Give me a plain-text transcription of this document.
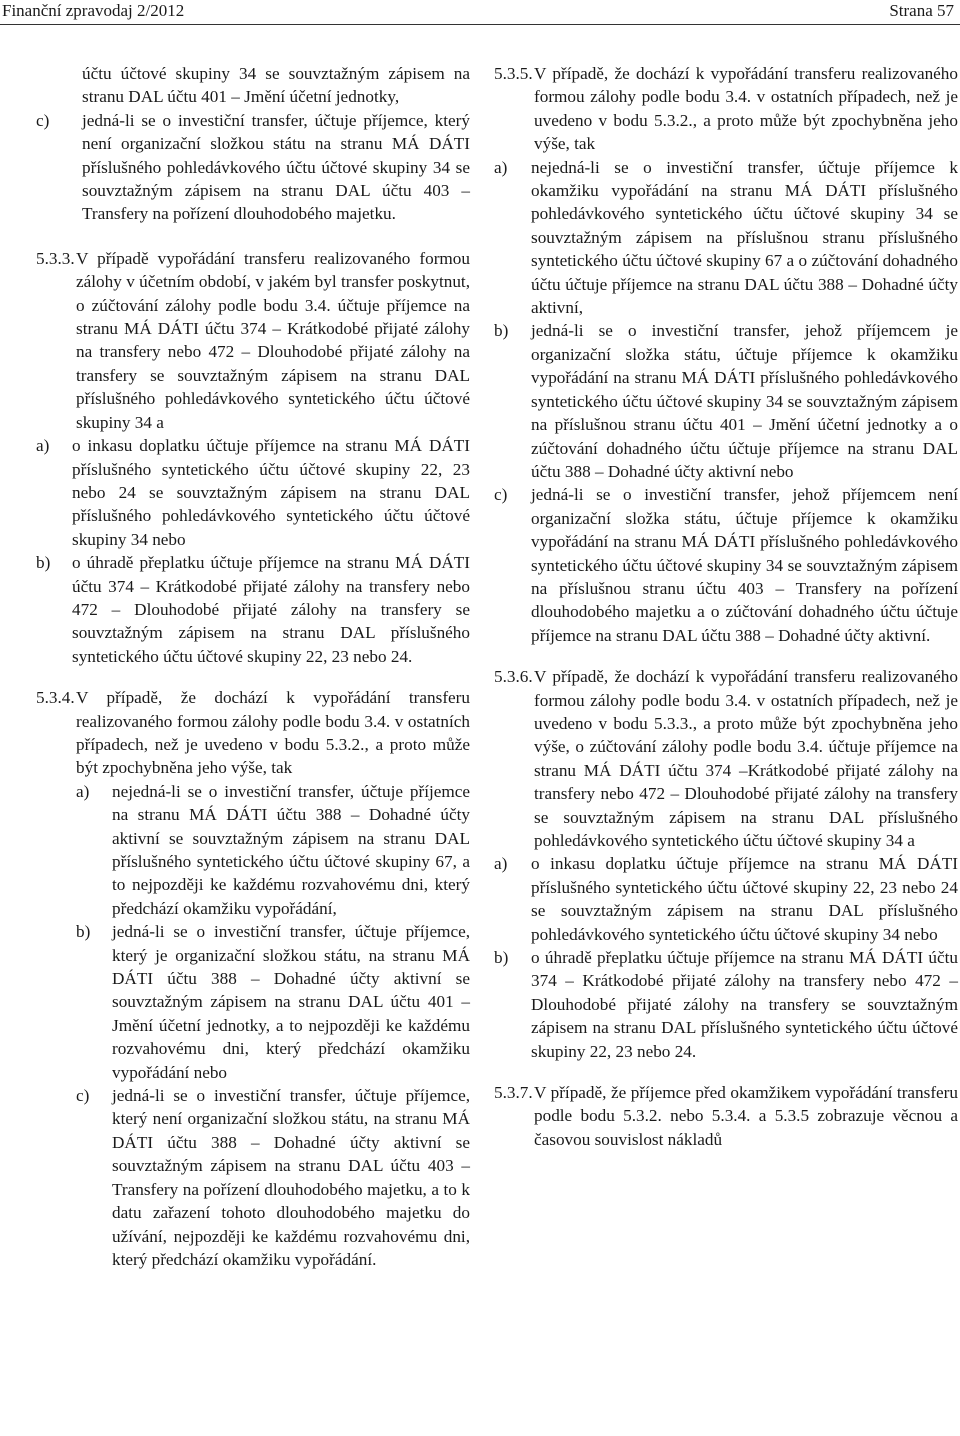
Finanční zpravodaj 2/2012	Strana 57
účtu účtové skupiny 34 se souvztažným zápisem na stranu DAL účtu 401 – Jmění účetní jednotky,
c)	jedná-li se o investiční transfer, účtuje příjemce, který není organizační složkou státu na stranu MÁ DÁTI příslušného pohledávkového účtu účtové skupiny 34 se souvztažným zápisem na stranu DAL účtu 403 – Transfery na pořízení dlouhodobého majetku.
5.3.3. V případě vypořádání transferu realizovaného formou zálohy v účetním období, v jakém byl transfer poskytnut, o zúčtování zálohy podle bodu 3.4. účtuje příjemce na stranu MÁ DÁTI účtu 374 – Krátkodobé přijaté zálohy na transfery nebo 472 – Dlouhodobé přijaté zálohy na transfery se souvztažným zápisem na stranu DAL příslušného pohledávkového syntetického účtu účtové skupiny 34 a
a)	o inkasu doplatku účtuje příjemce na stranu MÁ DÁTI příslušného syntetického účtu účtové skupiny 22, 23 nebo 24 se souvztažným zápisem na stranu DAL příslušného pohledávkového syntetického účtu účtové skupiny 34 nebo
b)	o úhradě přeplatku účtuje příjemce na stranu MÁ DÁTI účtu 374 – Krátkodobé přijaté zálohy na transfery nebo 472 – Dlouhodobé přijaté zálohy na transfery se souvztažným zápisem na stranu DAL příslušného syntetického účtu účtové skupiny 22, 23 nebo 24.
5.3.4. V případě, že dochází k vypořádání transferu realizovaného formou zálohy podle bodu 3.4. v ostatních případech, než je uvedeno v bodu 5.3.2., a proto může být zpochybněna jeho výše, tak
a)	nejedná-li se o investiční transfer, účtuje příjemce na stranu MÁ DÁTI účtu 388 – Dohadné účty aktivní se souvztažným zápisem na stranu DAL příslušného syntetického účtu účtové skupiny 67, a to nejpozději ke každému rozvahovému dni, který předchází okamžiku vypořádání,
b)	jedná-li se o investiční transfer, účtuje příjemce, který je organizační složkou státu, na stranu MÁ DÁTI účtu 388 – Dohadné účty aktivní se souvztažným zápisem na stranu DAL účtu 401 – Jmění účetní jednotky, a to nejpozději ke každému rozvahovému dni, který předchází okamžiku vypořádání nebo
c)	jedná-li se o investiční transfer, účtuje příjemce, který není organizační složkou státu, na stranu MÁ DÁTI účtu 388 – Dohadné účty aktivní se souvztažným zápisem na stranu DAL účtu 403 – Transfery na pořízení dlouhodobého majetku, a to k datu zařazení tohoto dlouhodobého majetku do užívání, nejpozději ke každému rozvahovému dni, který předchází okamžiku vypořádání.
5.3.5. V případě, že dochází k vypořádání transferu realizovaného formou zálohy podle bodu 3.4. v ostatních případech, než je uvedeno v bodu 5.3.2., a proto může být zpochybněna jeho výše, tak
a)	nejedná-li se o investiční transfer, účtuje příjemce k okamžiku vypořádání na stranu MÁ DÁTI příslušného pohledávkového syntetického účtu účtové skupiny 34 se souvztažným zápisem na příslušnou stranu příslušného syntetického účtu účtové skupiny 67 a o zúčtování dohadného účtu účtuje příjemce na stranu DAL účtu 388 – Dohadné účty aktivní,
b)	jedná-li se o investiční transfer, jehož příjemcem je organizační složka státu, účtuje příjemce k okamžiku vypořádání na stranu MÁ DÁTI příslušného pohledávkového syntetického účtu účtové skupiny 34 se souvztažným zápisem na příslušnou stranu účtu 401 – Jmění účetní jednotky a o zúčtování dohadného účtu účtuje příjemce na stranu DAL účtu 388 – Dohadné účty aktivní nebo
c)	jedná-li se o investiční transfer, jehož příjemcem není organizační složka státu, účtuje příjemce k okamžiku vypořádání na stranu MÁ DÁTI příslušného pohledávkového syntetického účtu účtové skupiny 34 se souvztažným zápisem na příslušnou stranu účtu 403 – Transfery na pořízení dlouhodobého majetku a o zúčtování dohadného účtu účtuje příjemce na stranu DAL účtu 388 – Dohadné účty aktivní.
5.3.6. V případě, že dochází k vypořádání transferu realizovaného formou zálohy podle bodu 3.4. v ostatních případech, než je uvedeno v bodu 5.3.3., a proto může být zpochybněna jeho výše, o zúčtování zálohy podle bodu 3.4. účtuje příjemce na stranu MÁ DÁTI účtu 374 –Krátkodobé přijaté zálohy na transfery nebo 472 – Dlouhodobé přijaté zálohy na transfery se souvztažným zápisem na stranu DAL příslušného pohledávkového syntetického účtu účtové skupiny 34 a
a)	o inkasu doplatku účtuje příjemce na stranu MÁ DÁTI příslušného syntetického účtu účtové skupiny 22, 23 nebo 24 se souvztažným zápisem na stranu DAL příslušného pohledávkového syntetického účtu účtové skupiny 34 nebo
b)	o úhradě přeplatku účtuje příjemce na stranu MÁ DÁTI účtu 374 – Krátkodobé přijaté zálohy na transfery nebo 472 – Dlouhodobé přijaté zálohy na transfery se souvztažným zápisem na stranu DAL příslušného syntetického účtu účtové skupiny 22, 23 nebo 24.
5.3.7. V případě, že příjemce před okamžikem vypořádání transferu podle bodu 5.3.2. nebo 5.3.4. a 5.3.5 zobrazuje věcnou a časovou souvislost nákladů
